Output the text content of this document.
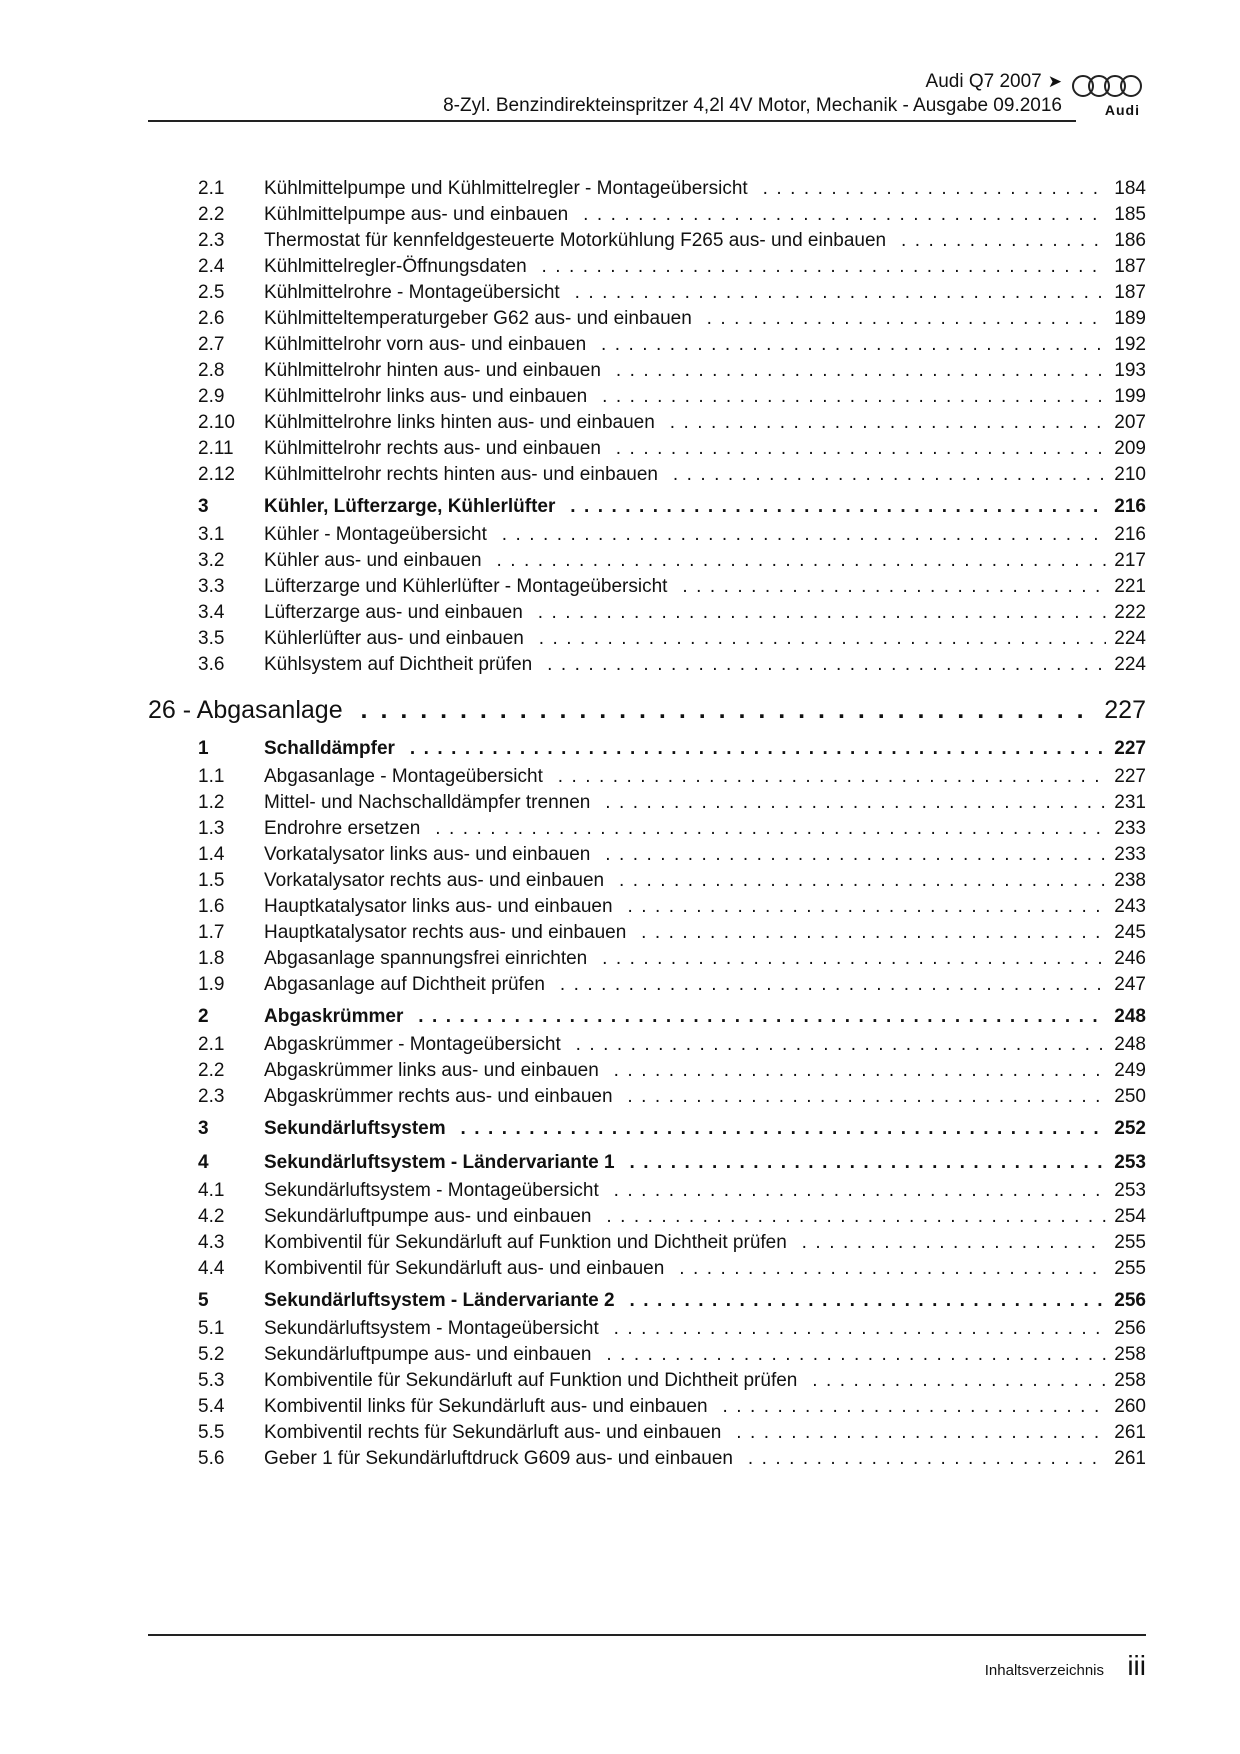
Audi Q7 2007 ➤
8-Zyl. Benzindirekteinspritzer 4,2l 4V Motor, Mechanik - Ausgabe 09.2016	Audi
2.1 Kühlmittelpumpe und Kühlmittelregler - Montageübersicht . . .	184
2.2 Kühlmittelpumpe aus- und einbauen . . .	185
2.3 Thermostat für kennfeldgesteuerte Motorkühlung F265 aus- und einbauen . . .	186
2.4 Kühlmittelregler-Öffnungsdaten . . .	187
2.5 Kühlmittelrohre - Montageübersicht . . .	187
2.6 Kühlmitteltemperaturgeber G62 aus- und einbauen . . .	189
2.7 Kühlmittelrohr vorn aus- und einbauen . . .	192
2.8 Kühlmittelrohr hinten aus- und einbauen . . .	193
2.9 Kühlmittelrohr links aus- und einbauen . . .	199
2.10 Kühlmittelrohre links hinten aus- und einbauen . . .	207
2.11 Kühlmittelrohr rechts aus- und einbauen . . .	209
2.12 Kühlmittelrohr rechts hinten aus- und einbauen . . .	210
3	Kühler, Lüfterzarge, Kühlerlüfter . . .	216
3.1 Kühler - Montageübersicht . . .	216
3.2 Kühler aus- und einbauen . . .	217
3.3 Lüfterzarge und Kühlerlüfter - Montageübersicht . . .	221
3.4 Lüfterzarge aus- und einbauen . . .	222
3.5 Kühlerlüfter aus- und einbauen . . .	224
3.6 Kühlsystem auf Dichtheit prüfen . . .	224
26 - Abgasanlage . . .	227
1	Schalldämpfer . . .	227
1.1 Abgasanlage - Montageübersicht . . .	227
1.2 Mittel- und Nachschalldämpfer trennen . . .	231
1.3 Endrohre ersetzen . . .	233
1.4 Vorkatalysator links aus- und einbauen . . .	233
1.5 Vorkatalysator rechts aus- und einbauen . . .	238
1.6 Hauptkatalysator links aus- und einbauen . . .	243
1.7 Hauptkatalysator rechts aus- und einbauen . . .	245
1.8 Abgasanlage spannungsfrei einrichten . . .	246
1.9 Abgasanlage auf Dichtheit prüfen . . .	247
2	Abgaskrümmer . . .	248
2.1 Abgaskrümmer - Montageübersicht . . .	248
2.2 Abgaskrümmer links aus- und einbauen . . .	249
2.3 Abgaskrümmer rechts aus- und einbauen . . .	250
3	Sekundärluftsystem . . .	252
4	Sekundärluftsystem - Ländervariante 1 . . .	253
4.1 Sekundärluftsystem - Montageübersicht . . .	253
4.2 Sekundärluftpumpe aus- und einbauen . . .	254
4.3 Kombiventil für Sekundärluft auf Funktion und Dichtheit prüfen . . .	255
4.4 Kombiventil für Sekundärluft aus- und einbauen . . .	255
5	Sekundärluftsystem - Ländervariante 2 . . .	256
5.1 Sekundärluftsystem - Montageübersicht . . .	256
5.2 Sekundärluftpumpe aus- und einbauen . . .	258
5.3 Kombiventile für Sekundärluft auf Funktion und Dichtheit prüfen . . .	258
5.4 Kombiventil links für Sekundärluft aus- und einbauen . . .	260
5.5 Kombiventil rechts für Sekundärluft aus- und einbauen . . .	261
5.6 Geber 1 für Sekundärluftdruck G609 aus- und einbauen . . .	261
Inhaltsverzeichnis iii
